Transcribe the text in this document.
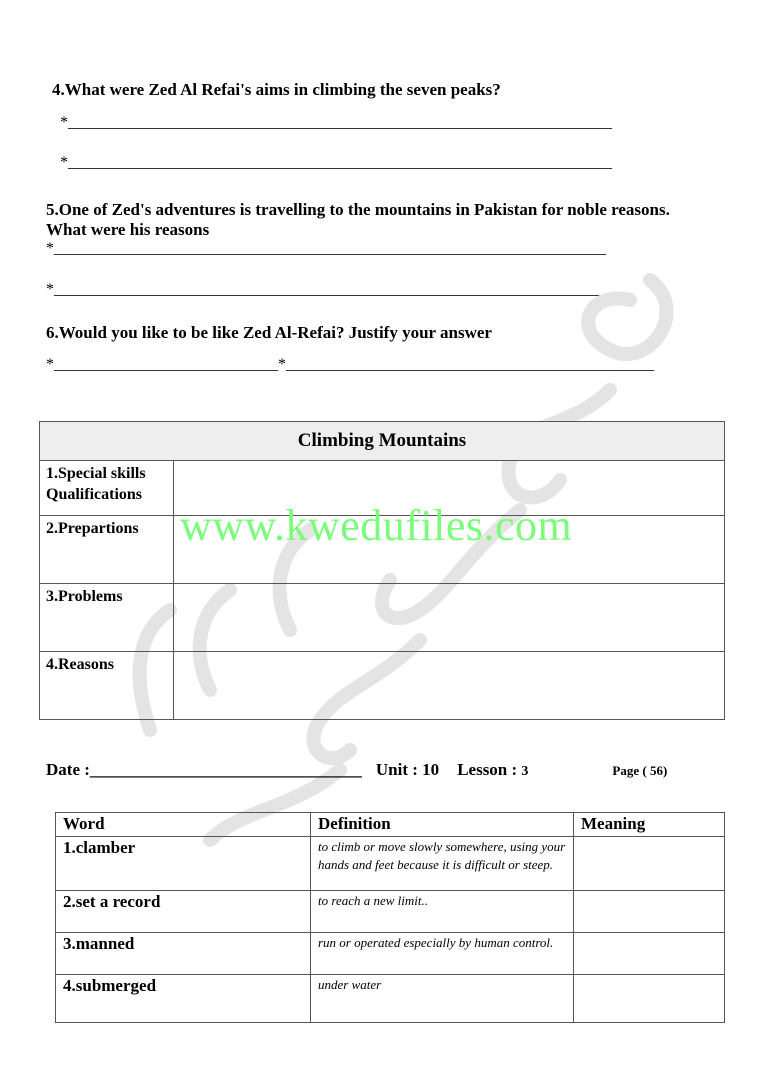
4.What were Zed Al Refai's aims in climbing the seven peaks?
*____________________________________________________________________
*____________________________________________________________________
5.One of Zed's adventures is travelling to the mountains in Pakistan for noble reasons.
What were his reasons
*_____________________________________________________________________
*_____________________________________________________________________
6.Would you like to be like Zed Al-Refai? Justify your answer
*____________________________*______________________________________________
Climbing Mountains	

1.Special skills
Qualifications	

2.Prepartions	

3.Problems	

4.Reasons	

www.kwedufiles.com
Date :________________________________ Unit : 10 Lesson : 3	Page ( 56)
Word	Definition	Meaning
1.clamber	to climb or move slowly somewhere, using your hands and feet because it is difficult or steep.	
2.set a record	to reach a new limit..	
3.manned	run or operated especially by human control.	
4.submerged	under water	
